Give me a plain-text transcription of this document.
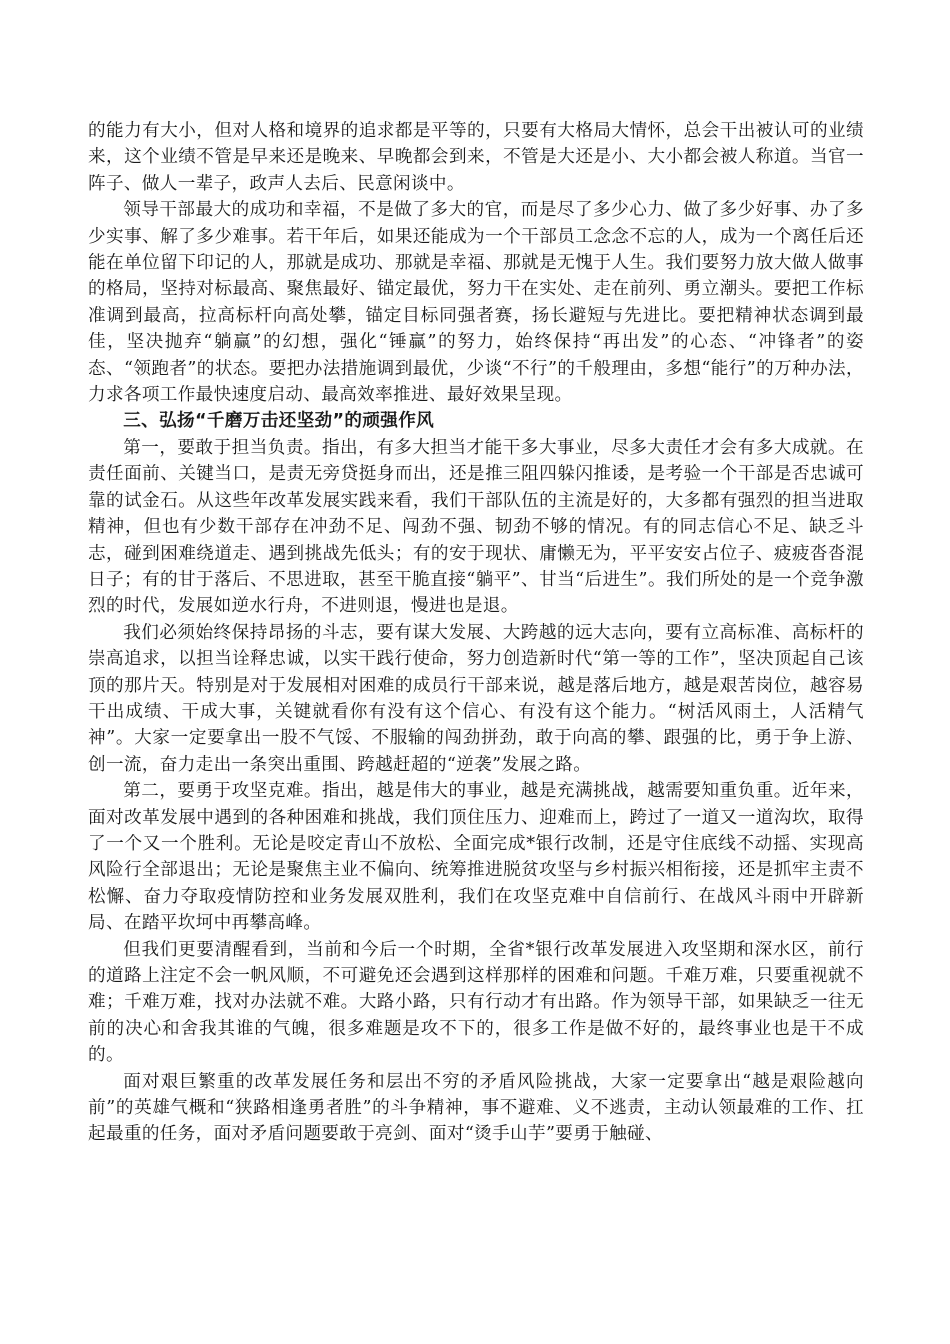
的能力有大小，但对人格和境界的追求都是平等的，只要有大格局大情怀，总会干出被认可的业绩来，这个业绩不管是早来还是晚来、早晚都会到来，不管是大还是小、大小都会被人称道。当官一阵子、做人一辈子，政声人去后、民意闲谈中。

领导干部最大的成功和幸福，不是做了多大的官，而是尽了多少心力、做了多少好事、办了多少实事、解了多少难事。若干年后，如果还能成为一个干部员工念念不忘的人，成为一个离任后还能在单位留下印记的人，那就是成功、那就是幸福、那就是无愧于人生。我们要努力放大做人做事的格局，坚持对标最高、聚焦最好、锚定最优，努力干在实处、走在前列、勇立潮头。要把工作标准调到最高，拉高标杆向高处攀，锚定目标同强者赛，扬长避短与先进比。要把精神状态调到最佳，坚决抛弃“躺赢”的幻想，强化“锤赢”的努力，始终保持“再出发”的心态、“冲锋者”的姿态、“领跑者”的状态。要把办法措施调到最优，少谈“不行”的千般理由，多想“能行”的万种办法，力求各项工作最快速度启动、最高效率推进、最好效果呈现。

三、弘扬“千磨万击还坚劲”的顽强作风

第一，要敢于担当负责。指出，有多大担当才能干多大事业，尽多大责任才会有多大成就。在责任面前、关键当口，是责无旁贷挺身而出，还是推三阻四躲闪推诿，是考验一个干部是否忠诚可靠的试金石。从这些年改革发展实践来看，我们干部队伍的主流是好的，大多都有强烈的担当进取精神，但也有少数干部存在冲劲不足、闯劲不强、韧劲不够的情况。有的同志信心不足、缺乏斗志，碰到困难绕道走、遇到挑战先低头；有的安于现状、庸懒无为，平平安安占位子、疲疲沓沓混日子；有的甘于落后、不思进取，甚至干脆直接“躺平”、甘当“后进生”。我们所处的是一个竞争激烈的时代，发展如逆水行舟，不进则退，慢进也是退。

我们必须始终保持昂扬的斗志，要有谋大发展、大跨越的远大志向，要有立高标准、高标杆的崇高追求，以担当诠释忠诚，以实干践行使命，努力创造新时代“第一等的工作”，坚决顶起自己该顶的那片天。特别是对于发展相对困难的成员行干部来说，越是落后地方，越是艰苦岗位，越容易干出成绩、干成大事，关键就看你有没有这个信心、有没有这个能力。“树活风雨土，人活精气神”。大家一定要拿出一股不气馁、不服输的闯劲拼劲，敢于向高的攀、跟强的比，勇于争上游、创一流，奋力走出一条突出重围、跨越赶超的“逆袭”发展之路。

第二，要勇于攻坚克难。指出，越是伟大的事业，越是充满挑战，越需要知重负重。近年来，面对改革发展中遇到的各种困难和挑战，我们顶住压力、迎难而上，跨过了一道又一道沟坎，取得了一个又一个胜利。无论是咬定青山不放松、全面完成*银行改制，还是守住底线不动摇、实现高风险行全部退出；无论是聚焦主业不偏向、统筹推进脱贫攻坚与乡村振兴相衔接，还是抓牢主责不松懈、奋力夺取疫情防控和业务发展双胜利，我们在攻坚克难中自信前行、在战风斗雨中开辟新局、在踏平坎坷中再攀高峰。

但我们更要清醒看到，当前和今后一个时期，全省*银行改革发展进入攻坚期和深水区，前行的道路上注定不会一帆风顺，不可避免还会遇到这样那样的困难和问题。千难万难，只要重视就不难；千难万难，找对办法就不难。大路小路，只有行动才有出路。作为领导干部，如果缺乏一往无前的决心和舍我其谁的气魄，很多难题是攻不下的，很多工作是做不好的，最终事业也是干不成的。

面对艰巨繁重的改革发展任务和层出不穷的矛盾风险挑战，大家一定要拿出“越是艰险越向前”的英雄气概和“狭路相逢勇者胜”的斗争精神，事不避难、义不逃责，主动认领最难的工作、扛起最重的任务，面对矛盾问题要敢于亮剑、面对“烫手山芋”要勇于触碰、
